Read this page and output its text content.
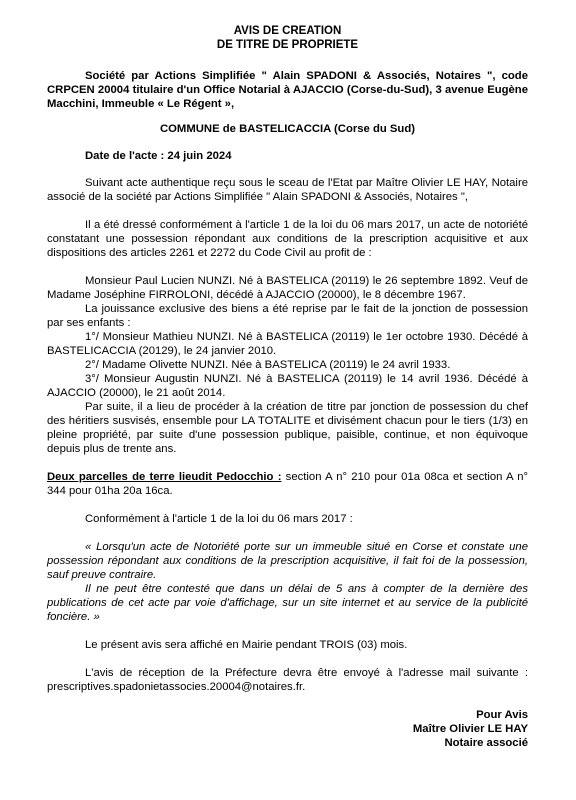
AVIS DE CREATION

DE TITRE DE PROPRIETE

Société par Actions Simplifiée " Alain SPADONI & Associés, Notaires ", code CRPCEN 20004 titulaire d'un Office Notarial à AJACCIO (Corse-du-Sud), 3 avenue Eugène Macchini, Immeuble « Le Régent »,

COMMUNE de BASTELICACCIA (Corse du Sud)

Date de l'acte : 24 juin 2024

Suivant acte authentique reçu sous le sceau de l'Etat par Maître Olivier LE HAY, Notaire associé de la société par Actions Simplifiée " Alain SPADONI & Associés, Notaires ",

Il a été dressé conformément à l'article 1 de la loi du 06 mars 2017, un acte de notoriété constatant une possession répondant aux conditions de la prescription acquisitive et aux dispositions des articles 2261 et 2272 du Code Civil au profit de :

Monsieur Paul Lucien NUNZI. Né à BASTELICA (20119) le 26 septembre 1892. Veuf de Madame Joséphine FIRROLONI, décédé à AJACCIO (20000), le 8 décembre 1967.

La jouissance exclusive des biens a été reprise par le fait de la jonction de possession par ses enfants :

1°/ Monsieur Mathieu NUNZI. Né à BASTELICA (20119) le 1er octobre 1930. Décédé à BASTELICACCIA (20129), le 24 janvier 2010.

2°/ Madame Olivette NUNZI. Née à BASTELICA (20119) le 24 avril 1933.

3°/ Monsieur Augustin NUNZI. Né à BASTELICA (20119) le 14 avril 1936. Décédé à AJACCIO (20000), le 21 août 2014.

Par suite, il a lieu de procéder à la création de titre par jonction de possession du chef des héritiers susvisés, ensemble pour LA TOTALITE et divisément chacun pour le tiers (1/3) en pleine propriété, par suite d'une possession publique, paisible, continue, et non équivoque depuis plus de trente ans.

Deux parcelles de terre lieudit Pedocchio : section A n° 210 pour 01a 08ca et section A n° 344 pour 01ha 20a 16ca.

Conformément à l'article 1 de la loi du 06 mars 2017 :

« Lorsqu'un acte de Notoriété porte sur un immeuble situé en Corse et constate une possession répondant aux conditions de la prescription acquisitive, il fait foi de la possession, sauf preuve contraire.

Il ne peut être contesté que dans un délai de 5 ans à compter de la dernière des publications de cet acte par voie d'affichage, sur un site internet et au service de la publicité foncière. »

Le présent avis sera affiché en Mairie pendant TROIS (03) mois.

L'avis de réception de la Préfecture devra être envoyé à l'adresse mail suivante : prescriptives.spadonietassocies.20004@notaires.fr.

Pour Avis

Maître Olivier LE HAY

Notaire associé
